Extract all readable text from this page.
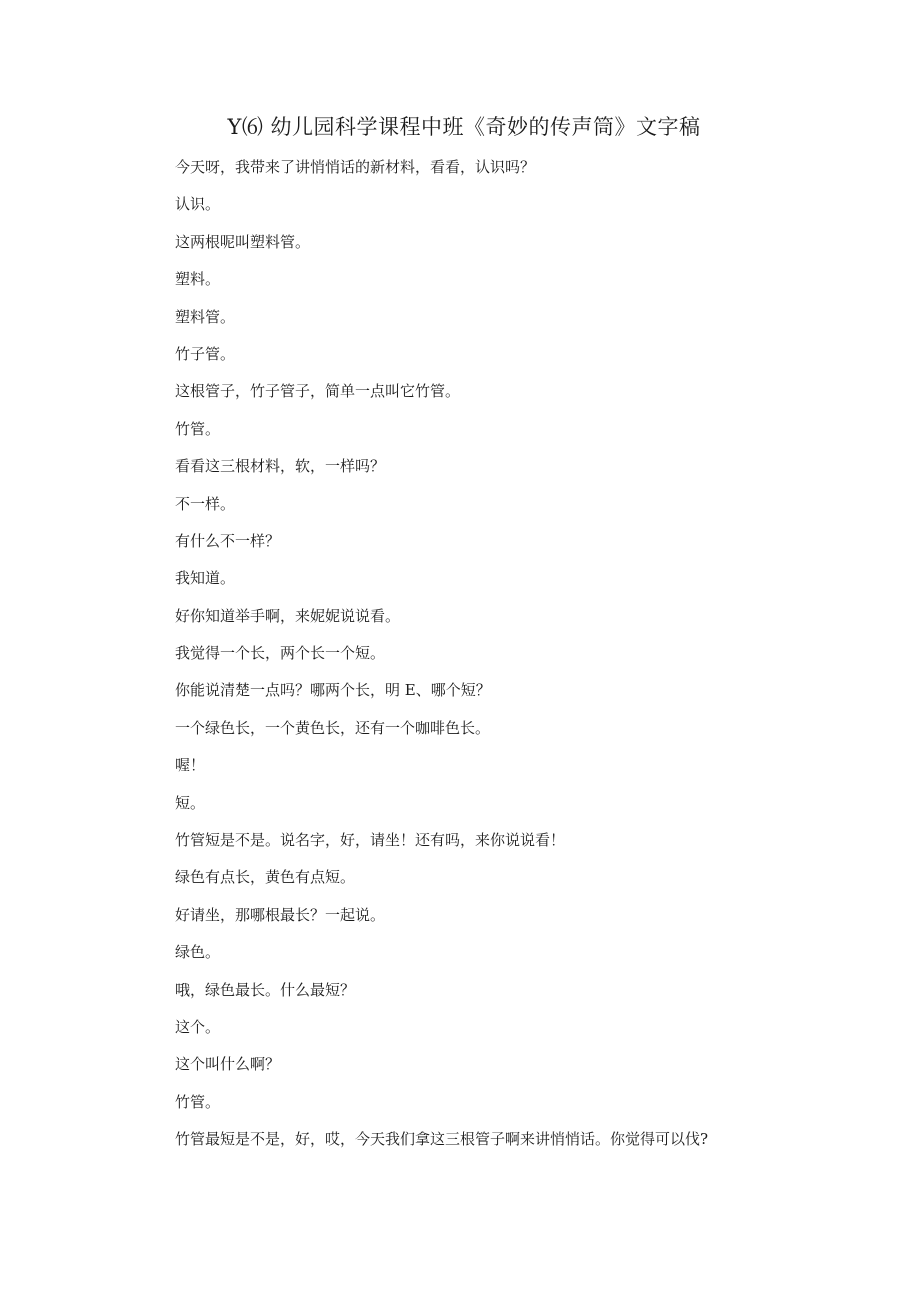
Y⑹ 幼儿园科学课程中班《奇妙的传声筒》文字稿
今天呀，我带来了讲悄悄话的新材料，看看，认识吗？
认识。
这两根呢叫塑料管。
塑料。
塑料管。
竹子管。
这根管子，竹子管子，简单一点叫它竹管。
竹管。
看看这三根材料，软，一样吗？
不一样。
有什么不一样？
我知道。
好你知道举手啊，来妮妮说说看。
我觉得一个长，两个长一个短。
你能说清楚一点吗？哪两个长，明 E、哪个短？
一个绿色长，一个黄色长，还有一个咖啡色长。
喔！
短。
竹管短是不是。说名字，好，请坐！还有吗，来你说说看！
绿色有点长，黄色有点短。
好请坐，那哪根最长？一起说。
绿色。
哦，绿色最长。什么最短？
这个。
这个叫什么啊？
竹管。
竹管最短是不是，好，哎，今天我们拿这三根管子啊来讲悄悄话。你觉得可以伐?
